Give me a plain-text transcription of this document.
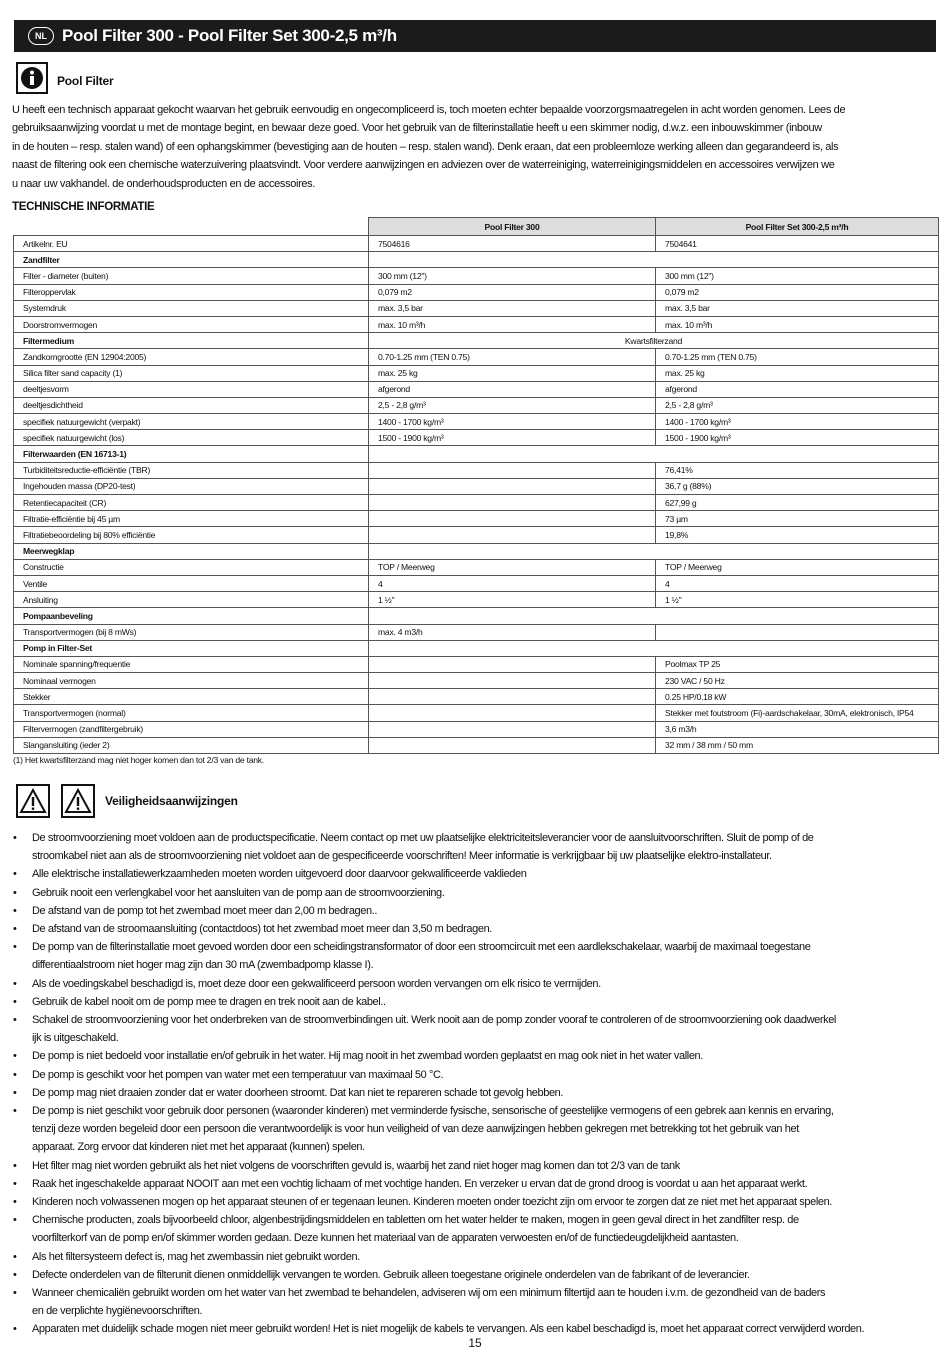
NL Pool Filter 300 - Pool Filter Set 300-2,5 m³/h
Pool Filter
U heeft een technisch apparaat gekocht waarvan het gebruik eenvoudig en ongecompliceerd is, toch moeten echter bepaalde voorzorgsmaatregelen in acht worden genomen. Lees de
gebruiksaanwijzing voordat u met de montage begint, en bewaar deze goed. Voor het gebruik van de filterinstallatie heeft u een skimmer nodig, d.w.z. een inbouwskimmer (inbouw
in de houten – resp. stalen wand) of een ophangskimmer (bevestiging aan de houten – resp. stalen wand). Denk eraan, dat een probleemloze werking alleen dan gegarandeerd is, als
naast de filtering ook een chemische waterzuivering plaatsvindt. Voor verdere aanwijzingen en adviezen over de waterreiniging, waterreinigingsmiddelen en accessoires verwijzen we
u naar uw vakhandel. de onderhoudsproducten en de accessoires.
TECHNISCHE INFORMATIE
	Pool Filter 300	Pool Filter Set 300-2,5 m³/h
Artikelnr. EU	7504616	7504641
Zandfilter		
Filter - diameter (buiten)	300 mm (12")	300 mm (12")
Filteroppervlak	0,079 m2	0,079 m2
Systemdruk	max. 3,5 bar	max. 3,5 bar
Doorstromvermogen	max. 10 m³/h	max. 10 m³/h
Filtermedium	Kwartsfilterzand	
Zandkorngrootte (EN 12904:2005)	0.70-1.25 mm (TEN 0.75)	0.70-1.25 mm (TEN 0.75)
Silica filter sand capacity (1)	max. 25 kg	max. 25 kg
deeltjesvorm	afgerond	afgerond
deeltjesdichtheid	2,5 - 2,8 g/m³	2,5 - 2,8 g/m³
specifiek natuurgewicht (verpakt)	1400 - 1700 kg/m³	1400 - 1700 kg/m³
specifiek natuurgewicht (los)	1500 - 1900 kg/m³	1500 - 1900 kg/m³
Filterwaarden (EN 16713-1)		
Turbiditeitsreductie-efficiëntie (TBR)		76,41%
Ingehouden massa (DP20-test)		36,7 g (88%)
Retentiecapaciteit (CR)		627,99 g
Filtratie-efficiëntie bij 45 µm		73 µm
Filtratiebeoordeling bij 80% efficiëntie		19,8%
Meerwegklap		
Constructie	TOP / Meerweg	TOP / Meerweg
Ventile	4	4
Ansluiting	1 ½"	1 ½"
Pompaanbeveling		
Transportvermogen (bij 8 mWs)	max. 4 m3/h	
Pomp in Filter-Set		
Nominale spanning/frequentie		Poolmax TP 25
Nominaal vermogen		230 VAC / 50 Hz
Stekker		0.25 HP/0.18 kW
Transportvermogen (normal)		Stekker met foutstroom (Fi)-aardschakelaar, 30mA, elektronisch, IP54
Filtervermogen (zandfiltergebruik)		3,6 m3/h
Slangansluiting (ieder 2)		32 mm / 38 mm / 50 mm
(1) Het kwartsfilterzand mag niet hoger komen dan tot 2/3 van de tank.
Veiligheidsaanwijzingen
• De stroomvoorziening moet voldoen aan de productspecificatie. Neem contact op met uw plaatselijke elektriciteitsleverancier voor de aansluitvoorschriften. Sluit de pomp of de
stroomkabel niet aan als de stroomvoorziening niet voldoet aan de gespecificeerde voorschriften! Meer informatie is verkrijgbaar bij uw plaatselijke elektro-installateur.
• Alle elektrische installatiewerkzaamheden moeten worden uitgevoerd door daarvoor gekwalificeerde vaklieden
• Gebruik nooit een verlengkabel voor het aansluiten van de pomp aan de stroomvoorziening.
• De afstand van de pomp tot het zwembad moet meer dan 2,00 m bedragen..
• De afstand van de stroomaansluiting (contactdoos) tot het zwembad moet meer dan 3,50 m bedragen.
• De pomp van de filterinstallatie moet gevoed worden door een scheidingstransformator of door een stroomcircuit met een aardlekschakelaar, waarbij de maximaal toegestane
differentiaalstroom niet hoger mag zijn dan 30 mA (zwembadpomp klasse I).
• Als de voedingskabel beschadigd is, moet deze door een gekwalificeerd persoon worden vervangen om elk risico te vermijden.
• Gebruik de kabel nooit om de pomp mee te dragen en trek nooit aan de kabel..
• Schakel de stroomvoorziening voor het onderbreken van de stroomverbindingen uit. Werk nooit aan de pomp zonder vooraf te controleren of de stroomvoorziening ook daadwerkel
ijk is uitgeschakeld.
• De pomp is niet bedoeld voor installatie en/of gebruik in het water. Hij mag nooit in het zwembad worden geplaatst en mag ook niet in het water vallen.
• De pomp is geschikt voor het pompen van water met een temperatuur van maximaal 50 °C.
• De pomp mag niet draaien zonder dat er water doorheen stroomt. Dat kan niet te repareren schade tot gevolg hebben.
• De pomp is niet geschikt voor gebruik door personen (waaronder kinderen) met verminderde fysische, sensorische of geestelijke vermogens of een gebrek aan kennis en ervaring,
tenzij deze worden begeleid door een persoon die verantwoordelijk is voor hun veiligheid of van deze aanwijzingen hebben gekregen met betrekking tot het gebruik van het
apparaat. Zorg ervoor dat kinderen niet met het apparaat (kunnen) spelen.
• Het filter mag niet worden gebruikt als het niet volgens de voorschriften gevuld is, waarbij het zand niet hoger mag komen dan tot 2/3 van de tank
• Raak het ingeschakelde apparaat NOOIT aan met een vochtig lichaam of met vochtige handen. En verzeker u ervan dat de grond droog is voordat u aan het apparaat werkt.
• Kinderen noch volwassenen mogen op het apparaat steunen of er tegenaan leunen. Kinderen moeten onder toezicht zijn om ervoor te zorgen dat ze niet met het apparaat spelen.
• Chemische producten, zoals bijvoorbeeld chloor, algenbestrijdingsmiddelen en tabletten om het water helder te maken, mogen in geen geval direct in het zandfilter resp. de
voorfilterkorf van de pomp en/of skimmer worden gedaan. Deze kunnen het materiaal van de apparaten verwoesten en/of de functiedeugdelijkheid aantasten.
• Als het filtersysteem defect is, mag het zwembassin niet gebruikt worden.
• Defecte onderdelen van de filterunit dienen onmiddellijk vervangen te worden. Gebruik alleen toegestane originele onderdelen van de fabrikant of de leverancier.
• Wanneer chemicaliën gebruikt worden om het water van het zwembad te behandelen, adviseren wij om een minimum filtertijd aan te houden i.v.m. de gezondheid van de baders
en de verplichte hygiënevoorschriften.
• Apparaten met duidelijk schade mogen niet meer gebruikt worden! Het is niet mogelijk de kabels te vervangen. Als een kabel beschadigd is, moet het apparaat correct verwijderd worden.
15
